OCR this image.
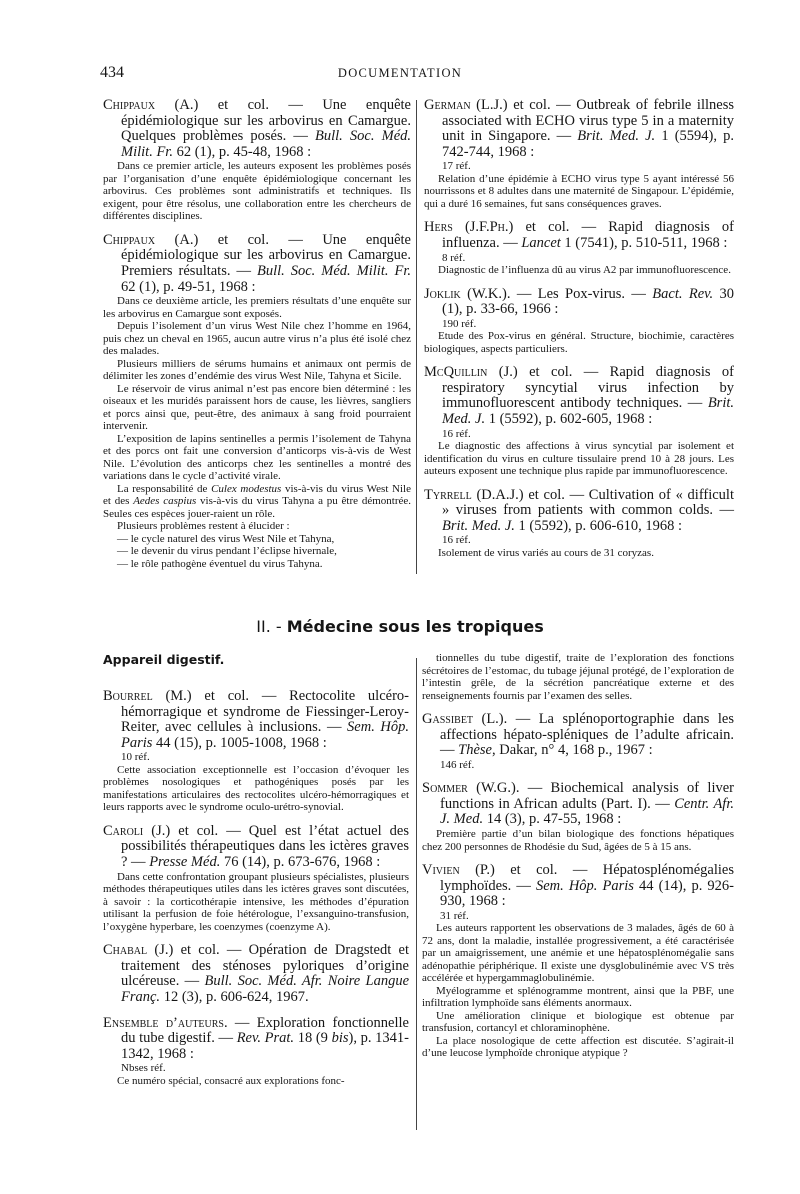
434	DOCUMENTATION
Chippaux (A.) et col. — Une enquête épidémiologique sur les arbovirus en Camargue. Quelques problèmes posés. — Bull. Soc. Méd. Milit. Fr. 62 (1), p. 45-48, 1968 :
Dans ce premier article, les auteurs exposent les problèmes posés par l’organisation d’une enquête épidémiologique concernant les arbovirus. Ces problèmes sont administratifs et techniques. Ils exigent, pour être résolus, une collaboration entre les chercheurs de différentes disciplines.
Chippaux (A.) et col. — Une enquête épidémiologique sur les arbovirus en Camargue. Premiers résultats. — Bull. Soc. Méd. Milit. Fr. 62 (1), p. 49-51, 1968 :
Dans ce deuxième article, les premiers résultats d’une enquête sur les arbovirus en Camargue sont exposés.
Depuis l’isolement d’un virus West Nile chez l’homme en 1964, puis chez un cheval en 1965, aucun autre virus n’a plus été isolé chez des malades.
Plusieurs milliers de sérums humains et animaux ont permis de délimiter les zones d’endémie des virus West Nile, Tahyna et Sicile.
Le réservoir de virus animal n’est pas encore bien déterminé : les oiseaux et les muridés paraissent hors de cause, les lièvres, sangliers et porcs ainsi que, peut-être, des animaux à sang froid pourraient intervenir.
L’exposition de lapins sentinelles a permis l’isolement de Tahyna et des porcs ont fait une conversion d’anticorps vis-à-vis de West Nile. L’évolution des anticorps chez les sentinelles a montré des variations dans le cycle d’activité virale.
La responsabilité de Culex modestus vis-à-vis du virus West Nile et des Aedes caspius vis-à-vis du virus Tahyna a pu être démontrée. Seules ces espèces jouer-raient un rôle.
Plusieurs problèmes restent à élucider :
— le cycle naturel des virus West Nile et Tahyna,
— le devenir du virus pendant l’éclipse hivernale,
— le rôle pathogène éventuel du virus Tahyna.
German (L.J.) et col. — Outbreak of febrile illness associated with ECHO virus type 5 in a maternity unit in Singapore. — Brit. Med. J. 1 (5594), p. 742-744, 1968 :
17 réf.
Relation d’une épidémie à ECHO virus type 5 ayant intéressé 56 nourrissons et 8 adultes dans une maternité de Singapour. L’épidémie, qui a duré 16 semaines, fut sans conséquences graves.
Hers (J.F.Ph.) et col. — Rapid diagnosis of influenza. — Lancet 1 (7541), p. 510-511, 1968 :
8 réf.
Diagnostic de l’influenza dû au virus A2 par immunofluorescence.
Joklik (W.K.). — Les Pox-virus. — Bact. Rev. 30 (1), p. 33-66, 1966 :
190 réf.
Etude des Pox-virus en général. Structure, biochimie, caractères biologiques, aspects particuliers.
McQuillin (J.) et col. — Rapid diagnosis of respiratory syncytial virus infection by immunofluorescent antibody techniques. — Brit. Med. J. 1 (5592), p. 602-605, 1968 :
16 réf.
Le diagnostic des affections à virus syncytial par isolement et identification du virus en culture tissulaire prend 10 à 28 jours. Les auteurs exposent une technique plus rapide par immunofluorescence.
Tyrrell (D.A.J.) et col. — Cultivation of « difficult » viruses from patients with common colds. — Brit. Med. J. 1 (5592), p. 606-610, 1968 :
16 réf.
Isolement de virus variés au cours de 31 coryzas.
II. - Médecine sous les tropiques
Appareil digestif.
Bourrel (M.) et col. — Rectocolite ulcéro-hémorragique et syndrome de Fiessinger-Leroy-Reiter, avec cellules à inclusions. — Sem. Hôp. Paris 44 (15), p. 1005-1008, 1968 :
10 réf.
Cette association exceptionnelle est l’occasion d’évoquer les problèmes nosologiques et pathogéniques posés par les manifestations articulaires des rectocolites ulcéro-hémorragiques et leurs rapports avec le syndrome oculo-urétro-synovial.
Caroli (J.) et col. — Quel est l’état actuel des possibilités thérapeutiques dans les ictères graves ? — Presse Méd. 76 (14), p. 673-676, 1968 :
Dans cette confrontation groupant plusieurs spécialistes, plusieurs méthodes thérapeutiques utiles dans les ictères graves sont discutées, à savoir : la corticothérapie intensive, les méthodes d’épuration utilisant la perfusion de foie hétérologue, l’exsanguino-transfusion, l’oxygène hyperbare, les coenzymes (coenzyme A).
Chabal (J.) et col. — Opération de Dragstedt et traitement des sténoses pyloriques d’origine ulcéreuse. — Bull. Soc. Méd. Afr. Noire Langue Franç. 12 (3), p. 606-624, 1967.
Ensemble d’auteurs. — Exploration fonctionnelle du tube digestif. — Rev. Prat. 18 (9 bis), p. 1341-1342, 1968 :
Nbses réf.
Ce numéro spécial, consacré aux explorations fonc-
tionnelles du tube digestif, traite de l’exploration des fonctions sécrétoires de l’estomac, du tubage jéjunal protégé, de l’exploration de l’intestin grêle, de la sécrétion pancréatique externe et des renseignements fournis par l’examen des selles.
Gassibet (L.). — La splénoportographie dans les affections hépato-spléniques de l’adulte africain. — Thèse, Dakar, n° 4, 168 p., 1967 :
146 réf.
Sommer (W.G.). — Biochemical analysis of liver functions in African adults (Part. I). — Centr. Afr. J. Med. 14 (3), p. 47-55, 1968 :
Première partie d’un bilan biologique des fonctions hépatiques chez 200 personnes de Rhodésie du Sud, âgées de 5 à 15 ans.
Vivien (P.) et col. — Hépatosplénomégalies lymphoïdes. — Sem. Hôp. Paris 44 (14), p. 926-930, 1968 :
31 réf.
Les auteurs rapportent les observations de 3 malades, âgés de 60 à 72 ans, dont la maladie, installée progressivement, a été caractérisée par un amaigrissement, une anémie et une hépatosplénomégalie sans adénopathie périphérique. Il existe une dysglobulinémie avec VS très accélérée et hypergammaglobulinémie.
Myélogramme et splénogramme montrent, ainsi que la PBF, une infiltration lymphoïde sans éléments anormaux.
Une amélioration clinique et biologique est obtenue par transfusion, cortancyl et chloraminophène.
La place nosologique de cette affection est discutée. S’agirait-il d’une leucose lymphoïde chronique atypique ?
